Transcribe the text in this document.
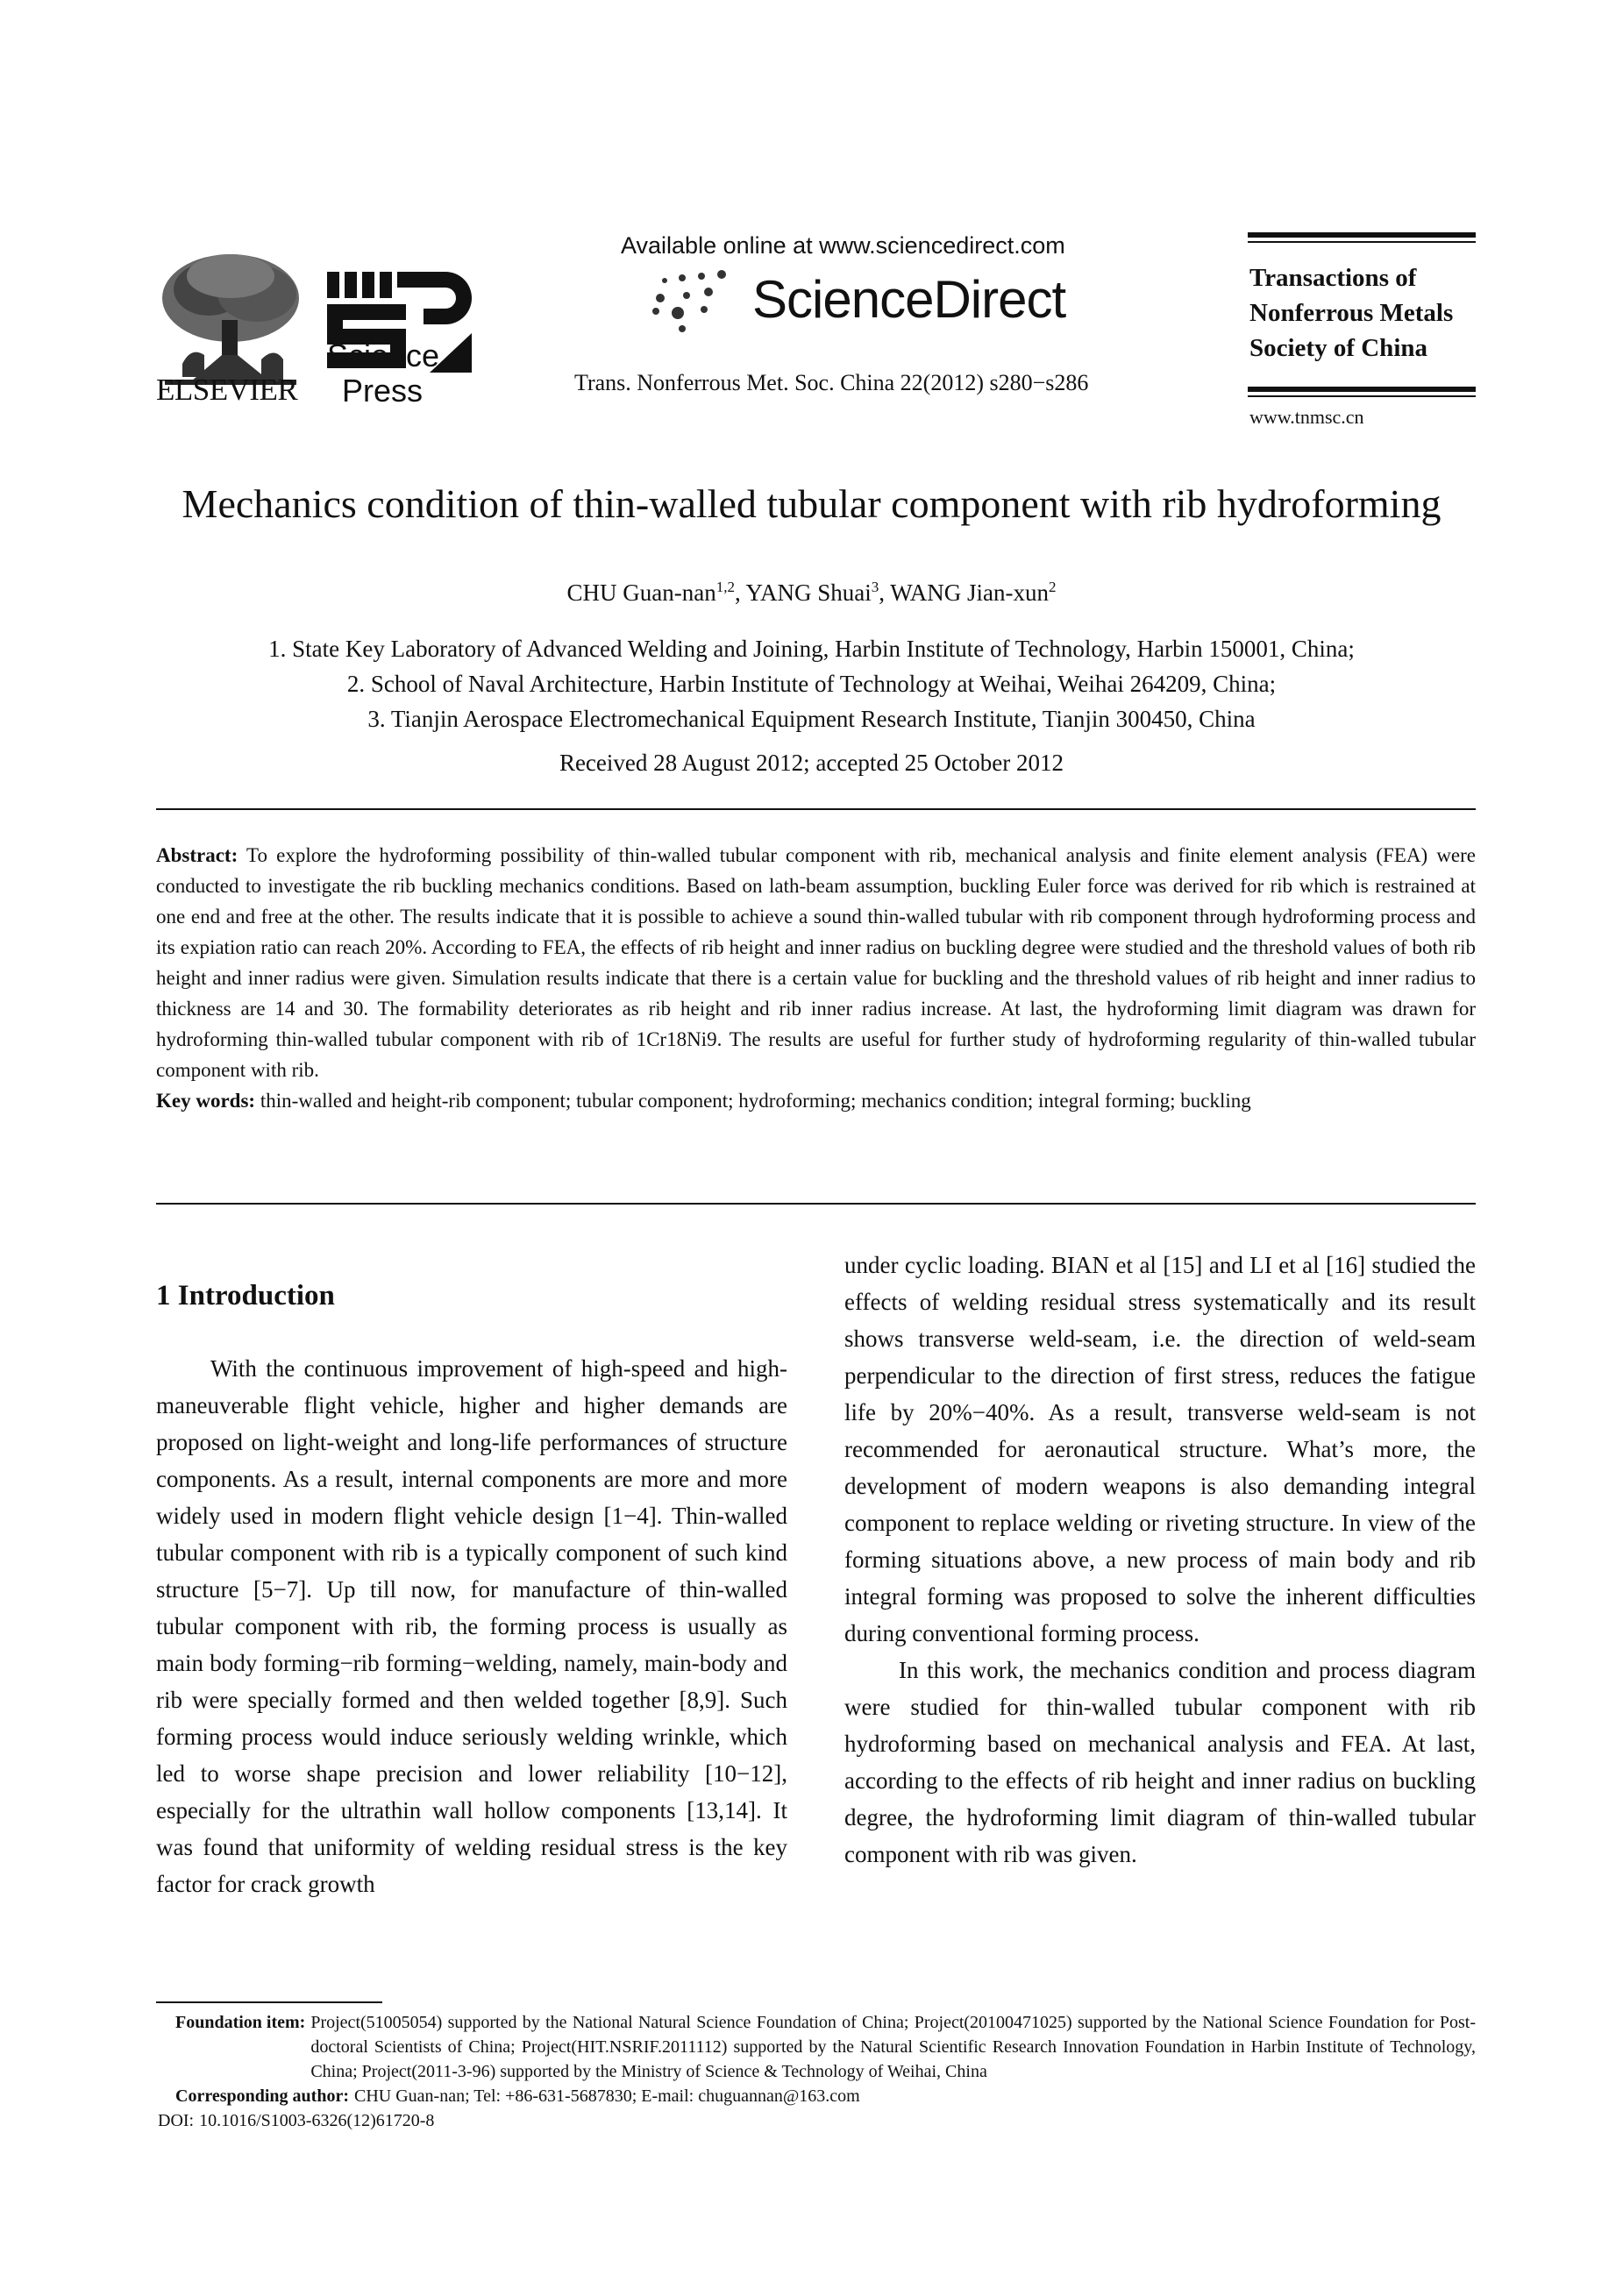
ELSEVIER
Science
Press
Available online at www.sciencedirect.com
ScienceDirect
Trans. Nonferrous Met. Soc. China 22(2012) s280−s286
Transactions of
Nonferrous Metals
Society of China
www.tnmsc.cn
Mechanics condition of thin-walled tubular component with rib hydroforming
CHU Guan-nan$^{1,2}$, YANG Shuai$^3$, WANG Jian-xun$^2$
1. State Key Laboratory of Advanced Welding and Joining, Harbin Institute of Technology, Harbin 150001, China;
2. School of Naval Architecture, Harbin Institute of Technology at Weihai, Weihai 264209, China;
3. Tianjin Aerospace Electromechanical Equipment Research Institute, Tianjin 300450, China
Received 28 August 2012; accepted 25 October 2012
Abstract: To explore the hydroforming possibility of thin-walled tubular component with rib, mechanical analysis and finite element analysis (FEA) were conducted to investigate the rib buckling mechanics conditions. Based on lath-beam assumption, buckling Euler force was derived for rib which is restrained at one end and free at the other. The results indicate that it is possible to achieve a sound thin-walled tubular with rib component through hydroforming process and its expiation ratio can reach 20%. According to FEA, the effects of rib height and inner radius on buckling degree were studied and the threshold values of both rib height and inner radius were given. Simulation results indicate that there is a certain value for buckling and the threshold values of rib height and inner radius to thickness are 14 and 30. The formability deteriorates as rib height and rib inner radius increase. At last, the hydroforming limit diagram was drawn for hydroforming thin-walled tubular component with rib of 1Cr18Ni9. The results are useful for further study of hydroforming regularity of thin-walled tubular component with rib.
Key words: thin-walled and height-rib component; tubular component; hydroforming; mechanics condition; integral forming; buckling
1 Introduction

With the continuous improvement of high-speed and high-maneuverable flight vehicle, higher and higher demands are proposed on light-weight and long-life performances of structure components. As a result, internal components are more and more widely used in modern flight vehicle design [1−4]. Thin-walled tubular component with rib is a typically component of such kind structure [5−7]. Up till now, for manufacture of thin-walled tubular component with rib, the forming process is usually as main body forming−rib forming−welding, namely, main-body and rib were specially formed and then welded together [8,9]. Such forming process would induce seriously welding wrinkle, which led to worse shape precision and lower reliability [10−12], especially for the ultrathin wall hollow components [13,14]. It was found that uniformity of welding residual stress is the key factor for crack growth

under cyclic loading. BIAN et al [15] and LI et al [16] studied the effects of welding residual stress systematically and its result shows transverse weld-seam, i.e. the direction of weld-seam perpendicular to the direction of first stress, reduces the fatigue life by 20%−40%. As a result, transverse weld-seam is not recommended for aeronautical structure. What’s more, the development of modern weapons is also demanding integral component to replace welding or riveting structure. In view of the forming situations above, a new process of main body and rib integral forming was proposed to solve the inherent difficulties during conventional forming process.

In this work, the mechanics condition and process diagram were studied for thin-walled tubular component with rib hydroforming based on mechanical analysis and FEA. At last, according to the effects of rib height and inner radius on buckling degree, the hydroforming limit diagram of thin-walled tubular component with rib was given.

Foundation item: Project(51005054) supported by the National Natural Science Foundation of China; Project(20100471025) supported by the National Science Foundation for Post-doctoral Scientists of China; Project(HIT.NSRIF.2011112) supported by the Natural Scientific Research Innovation Foundation in Harbin Institute of Technology, China; Project(2011-3-96) supported by the Ministry of Science & Technology of Weihai, China
Corresponding author: CHU Guan-nan; Tel: +86-631-5687830; E-mail: chuguannan@163.com
DOI: 10.1016/S1003-6326(12)61720-8
